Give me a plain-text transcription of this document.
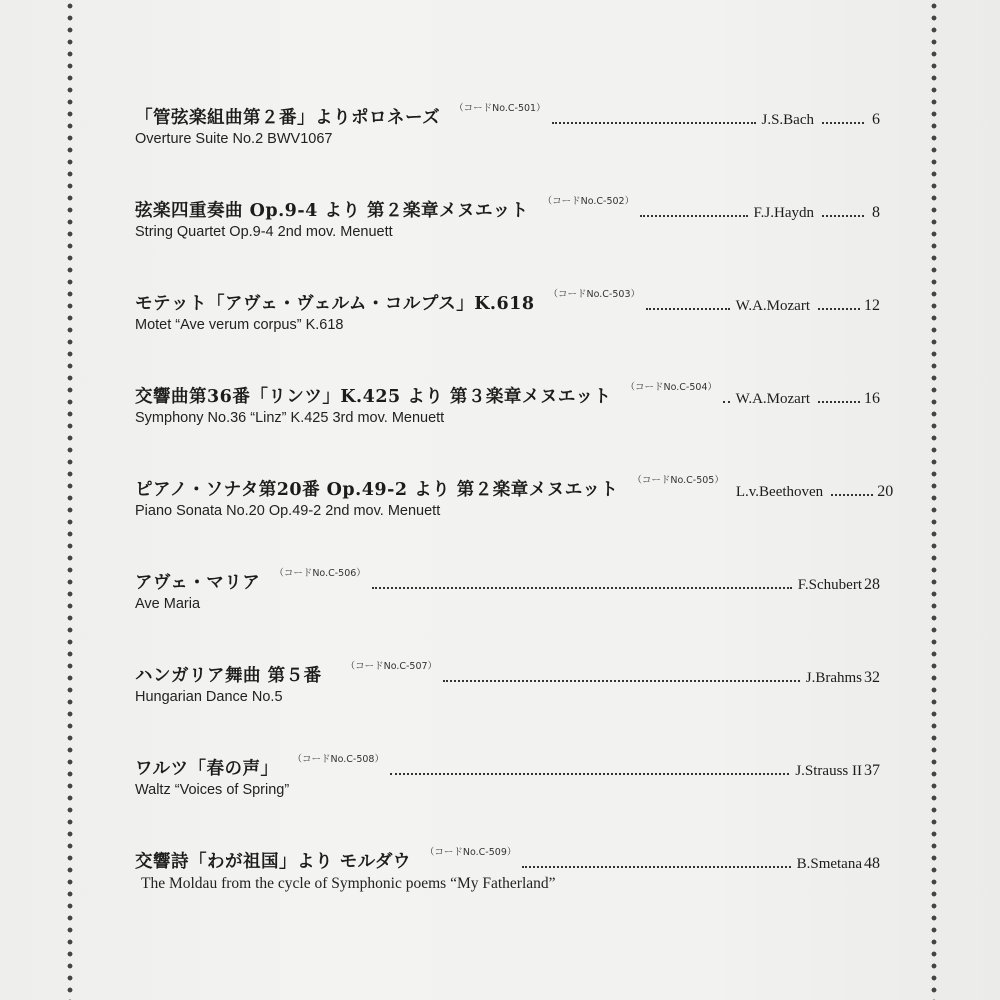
「管弦楽組曲第２番」よりポロネーズ （コードNo.C-501）
J.S.Bach	6
Overture Suite No.2 BWV1067
弦楽四重奏曲 Op.9-4 より 第２楽章メヌエット （コードNo.C-502）
F.J.Haydn	8
String Quartet Op.9-4 2nd mov. Menuett
モテット「アヴェ・ヴェルム・コルプス」K.618 （コードNo.C-503）
W.A.Mozart	12
Motet “Ave verum corpus” K.618
交響曲第36番「リンツ」K.425 より 第３楽章メヌエット （コードNo.C-504）
W.A.Mozart	16
Symphony No.36 “Linz” K.425 3rd mov. Menuett
ピアノ・ソナタ第20番 Op.49-2 より 第２楽章メヌエット （コードNo.C-505）
L.v.Beethoven	20
Piano Sonata No.20 Op.49-2 2nd mov. Menuett
アヴェ・マリア （コードNo.C-506）
F.Schubert 28
Ave Maria
ハンガリア舞曲 第５番	（コードNo.C-507）
J.Brahms 32
Hungarian Dance No.5
ワルツ「春の声」 （コードNo.C-508）
J.Strauss II 37
Waltz “Voices of Spring”
交響詩「わが祖国」より モルダウ （コードNo.C-509）
B.Smetana 48
The Moldau from the cycle of Symphonic poems “My Fatherland”
